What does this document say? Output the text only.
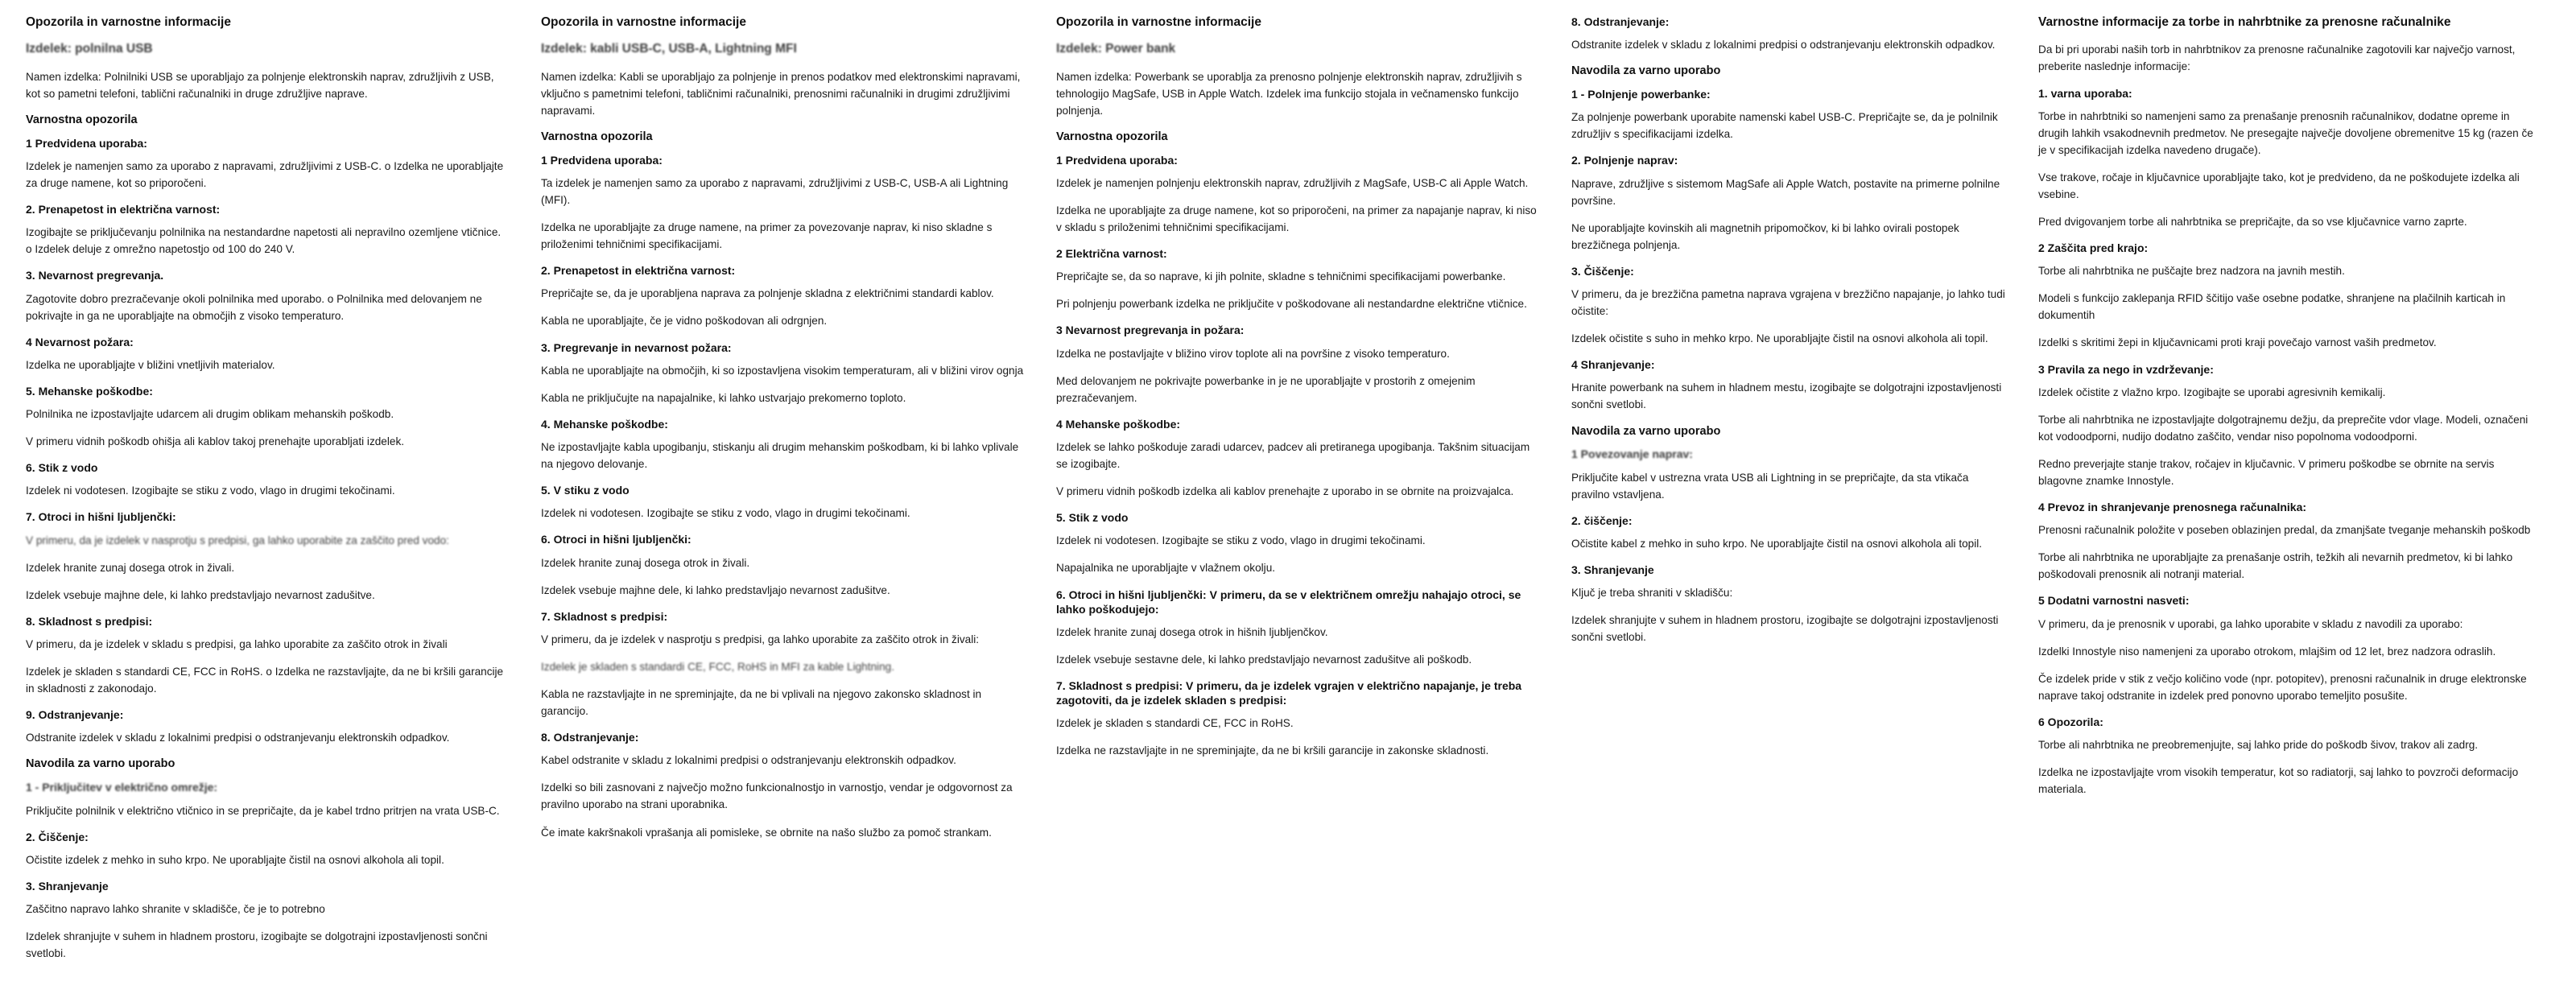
Opozorila in varnostne informacije
Izdelek: polnilna USB

Namen izdelka: Polnilniki USB se uporabljajo za polnjenje elektronskih naprav, združljivih z USB, kot so pametni telefoni, tablični računalniki in druge združljive naprave.

Varnostna opozorila
1 Predvidena uporaba:

Izdelek je namenjen samo za uporabo z napravami, združljivimi z USB-C. o Izdelka ne uporabljajte za druge namene, kot so priporočeni.

2. Prenapetost in električna varnost:

Izogibajte se priključevanju polnilnika na nestandardne napetosti ali nepravilno ozemljene vtičnice. o Izdelek deluje z omrežno napetostjo od 100 do 240 V.

3. Nevarnost pregrevanja.

Zagotovite dobro prezračevanje okoli polnilnika med uporabo. o Polnilnika med delovanjem ne pokrivajte in ga ne uporabljajte na območjih z visoko temperaturo.

4 Nevarnost požara:

Izdelka ne uporabljajte v bližini vnetljivih materialov.

5. Mehanske poškodbe:

Polnilnika ne izpostavljajte udarcem ali drugim oblikam mehanskih poškodb.

V primeru vidnih poškodb ohišja ali kablov takoj prenehajte uporabljati izdelek.

6. Stik z vodo

Izdelek ni vodotesen. Izogibajte se stiku z vodo, vlago in drugimi tekočinami.

7. Otroci in hišni ljubljenčki:

V primeru, da je izdelek v nasprotju s predpisi, ga lahko uporabite za zaščito pred vodo:

Izdelek hranite zunaj dosega otrok in živali.

Izdelek vsebuje majhne dele, ki lahko predstavljajo nevarnost zadušitve.

8. Skladnost s predpisi:

V primeru, da je izdelek v skladu s predpisi, ga lahko uporabite za zaščito otrok in živali

Izdelek je skladen s standardi CE, FCC in RoHS. o Izdelka ne razstavljajte, da ne bi kršili garancije in skladnosti z zakonodajo.

9. Odstranjevanje:

Odstranite izdelek v skladu z lokalnimi predpisi o odstranjevanju elektronskih odpadkov.

Navodila za varno uporabo
1 - Priključitev v električno omrežje:

Priključite polnilnik v električno vtičnico in se prepričajte, da je kabel trdno pritrjen na vrata USB-C.

2. Čiščenje:

Očistite izdelek z mehko in suho krpo. Ne uporabljajte čistil na osnovi alkohola ali topil.

3. Shranjevanje

Zaščitno napravo lahko shranite v skladišče, če je to potrebno

Izdelek shranjujte v suhem in hladnem prostoru, izogibajte se dolgotrajni izpostavljenosti sončni svetlobi.

Opozorila in varnostne informacije
Izdelek: kabli USB-C, USB-A, Lightning MFI

Namen izdelka: Kabli se uporabljajo za polnjenje in prenos podatkov med elektronskimi napravami, vključno s pametnimi telefoni, tabličnimi računalniki, prenosnimi računalniki in drugimi združljivimi napravami.

Varnostna opozorila
1 Predvidena uporaba:

Ta izdelek je namenjen samo za uporabo z napravami, združljivimi z USB-C, USB-A ali Lightning (MFI).

Izdelka ne uporabljajte za druge namene, na primer za povezovanje naprav, ki niso skladne s priloženimi tehničnimi specifikacijami.

2. Prenapetost in električna varnost:

Prepričajte se, da je uporabljena naprava za polnjenje skladna z električnimi standardi kablov.

Kabla ne uporabljajte, če je vidno poškodovan ali odrgnjen.

3. Pregrevanje in nevarnost požara:

Kabla ne uporabljajte na območjih, ki so izpostavljena visokim temperaturam, ali v bližini virov ognja

Kabla ne priključujte na napajalnike, ki lahko ustvarjajo prekomerno toploto.

4. Mehanske poškodbe:

Ne izpostavljajte kabla upogibanju, stiskanju ali drugim mehanskim poškodbam, ki bi lahko vplivale na njegovo delovanje.

5. V stiku z vodo

Izdelek ni vodotesen. Izogibajte se stiku z vodo, vlago in drugimi tekočinami.

6. Otroci in hišni ljubljenčki:

Izdelek hranite zunaj dosega otrok in živali.

Izdelek vsebuje majhne dele, ki lahko predstavljajo nevarnost zadušitve.

7. Skladnost s predpisi:

V primeru, da je izdelek v nasprotju s predpisi, ga lahko uporabite za zaščito otrok in živali:

Izdelek je skladen s standardi CE, FCC, RoHS in MFI za kable Lightning.

Kabla ne razstavljajte in ne spreminjajte, da ne bi vplivali na njegovo zakonsko skladnost in garancijo.

8. Odstranjevanje:

Kabel odstranite v skladu z lokalnimi predpisi o odstranjevanju elektronskih odpadkov.

Izdelki so bili zasnovani z največjo možno funkcionalnostjo in varnostjo, vendar je odgovornost za pravilno uporabo na strani uporabnika.

Če imate kakršnakoli vprašanja ali pomisleke, se obrnite na našo službo za pomoč strankam.

Opozorila in varnostne informacije
Izdelek: Power bank

Namen izdelka: Powerbank se uporablja za prenosno polnjenje elektronskih naprav, združljivih s tehnologijo MagSafe, USB in Apple Watch. Izdelek ima funkcijo stojala in večnamensko funkcijo polnjenja.

Varnostna opozorila
1 Predvidena uporaba:

Izdelek je namenjen polnjenju elektronskih naprav, združljivih z MagSafe, USB-C ali Apple Watch.

Izdelka ne uporabljajte za druge namene, kot so priporočeni, na primer za napajanje naprav, ki niso v skladu s priloženimi tehničnimi specifikacijami.

2 Električna varnost:

Prepričajte se, da so naprave, ki jih polnite, skladne s tehničnimi specifikacijami powerbanke.

Pri polnjenju powerbank izdelka ne priključite v poškodovane ali nestandardne električne vtičnice.

3 Nevarnost pregrevanja in požara:

Izdelka ne postavljajte v bližino virov toplote ali na površine z visoko temperaturo.

Med delovanjem ne pokrivajte powerbanke in je ne uporabljajte v prostorih z omejenim prezračevanjem.

4 Mehanske poškodbe:

Izdelek se lahko poškoduje zaradi udarcev, padcev ali pretiranega upogibanja. Takšnim situacijam se izogibajte.

V primeru vidnih poškodb izdelka ali kablov prenehajte z uporabo in se obrnite na proizvajalca.

5. Stik z vodo

Izdelek ni vodotesen. Izogibajte se stiku z vodo, vlago in drugimi tekočinami.

Napajalnika ne uporabljajte v vlažnem okolju.

6. Otroci in hišni ljubljenčki: V primeru, da se v električnem omrežju nahajajo otroci, se lahko poškodujejo:

Izdelek hranite zunaj dosega otrok in hišnih ljubljenčkov.

Izdelek vsebuje sestavne dele, ki lahko predstavljajo nevarnost zadušitve ali poškodb.

7. Skladnost s predpisi: V primeru, da je izdelek vgrajen v električno napajanje, je treba zagotoviti, da je izdelek skladen s predpisi:

Izdelek je skladen s standardi CE, FCC in RoHS.

Izdelka ne razstavljajte in ne spreminjajte, da ne bi kršili garancije in zakonske skladnosti.

8. Odstranjevanje:

Odstranite izdelek v skladu z lokalnimi predpisi o odstranjevanju elektronskih odpadkov.

Navodila za varno uporabo
1 - Polnjenje powerbanke:

Za polnjenje powerbank uporabite namenski kabel USB-C. Prepričajte se, da je polnilnik združljiv s specifikacijami izdelka.

2. Polnjenje naprav:

Naprave, združljive s sistemom MagSafe ali Apple Watch, postavite na primerne polnilne površine.

Ne uporabljajte kovinskih ali magnetnih pripomočkov, ki bi lahko ovirali postopek brezžičnega polnjenja.

3. Čiščenje:

V primeru, da je brezžična pametna naprava vgrajena v brezžično napajanje, jo lahko tudi očistite:

Izdelek očistite s suho in mehko krpo. Ne uporabljajte čistil na osnovi alkohola ali topil.

4 Shranjevanje:

Hranite powerbank na suhem in hladnem mestu, izogibajte se dolgotrajni izpostavljenosti sončni svetlobi.

Navodila za varno uporabo
1 Povezovanje naprav:

Priključite kabel v ustrezna vrata USB ali Lightning in se prepričajte, da sta vtikača pravilno vstavljena.

2. čiščenje:

Očistite kabel z mehko in suho krpo. Ne uporabljajte čistil na osnovi alkohola ali topil.

3. Shranjevanje

Ključ je treba shraniti v skladišču:

Izdelek shranjujte v suhem in hladnem prostoru, izogibajte se dolgotrajni izpostavljenosti sončni svetlobi.

Varnostne informacije za torbe in nahrbtnike za prenosne računalnike

Da bi pri uporabi naših torb in nahrbtnikov za prenosne računalnike zagotovili kar največjo varnost, preberite naslednje informacije:

1. varna uporaba:

Torbe in nahrbtniki so namenjeni samo za prenašanje prenosnih računalnikov, dodatne opreme in drugih lahkih vsakodnevnih predmetov. Ne presegajte največje dovoljene obremenitve 15 kg (razen če je v specifikacijah izdelka navedeno drugače).

Vse trakove, ročaje in ključavnice uporabljajte tako, kot je predvideno, da ne poškodujete izdelka ali vsebine.

Pred dvigovanjem torbe ali nahrbtnika se prepričajte, da so vse ključavnice varno zaprte.

2 Zaščita pred krajo:

Torbe ali nahrbtnika ne puščajte brez nadzora na javnih mestih.

Modeli s funkcijo zaklepanja RFID ščitijo vaše osebne podatke, shranjene na plačilnih karticah in dokumentih

Izdelki s skritimi žepi in ključavnicami proti kraji povečajo varnost vaših predmetov.

3 Pravila za nego in vzdrževanje:

Izdelek očistite z vlažno krpo. Izogibajte se uporabi agresivnih kemikalij.

Torbe ali nahrbtnika ne izpostavljajte dolgotrajnemu dežju, da preprečite vdor vlage. Modeli, označeni kot vodoodporni, nudijo dodatno zaščito, vendar niso popolnoma vodoodporni.

Redno preverjajte stanje trakov, ročajev in ključavnic. V primeru poškodbe se obrnite na servis blagovne znamke Innostyle.

4 Prevoz in shranjevanje prenosnega računalnika:

Prenosni računalnik položite v poseben oblazinjen predal, da zmanjšate tveganje mehanskih poškodb

Torbe ali nahrbtnika ne uporabljajte za prenašanje ostrih, težkih ali nevarnih predmetov, ki bi lahko poškodovali prenosnik ali notranji material.

5 Dodatni varnostni nasveti:

V primeru, da je prenosnik v uporabi, ga lahko uporabite v skladu z navodili za uporabo:

Izdelki Innostyle niso namenjeni za uporabo otrokom, mlajšim od 12 let, brez nadzora odraslih.

Če izdelek pride v stik z večjo količino vode (npr. potopitev), prenosni računalnik in druge elektronske naprave takoj odstranite in izdelek pred ponovno uporabo temeljito posušite.

6 Opozorila:

Torbe ali nahrbtnika ne preobremenjujte, saj lahko pride do poškodb šivov, trakov ali zadrg.

Izdelka ne izpostavljajte vrom visokih temperatur, kot so radiatorji, saj lahko to povzroči deformacijo materiala.
